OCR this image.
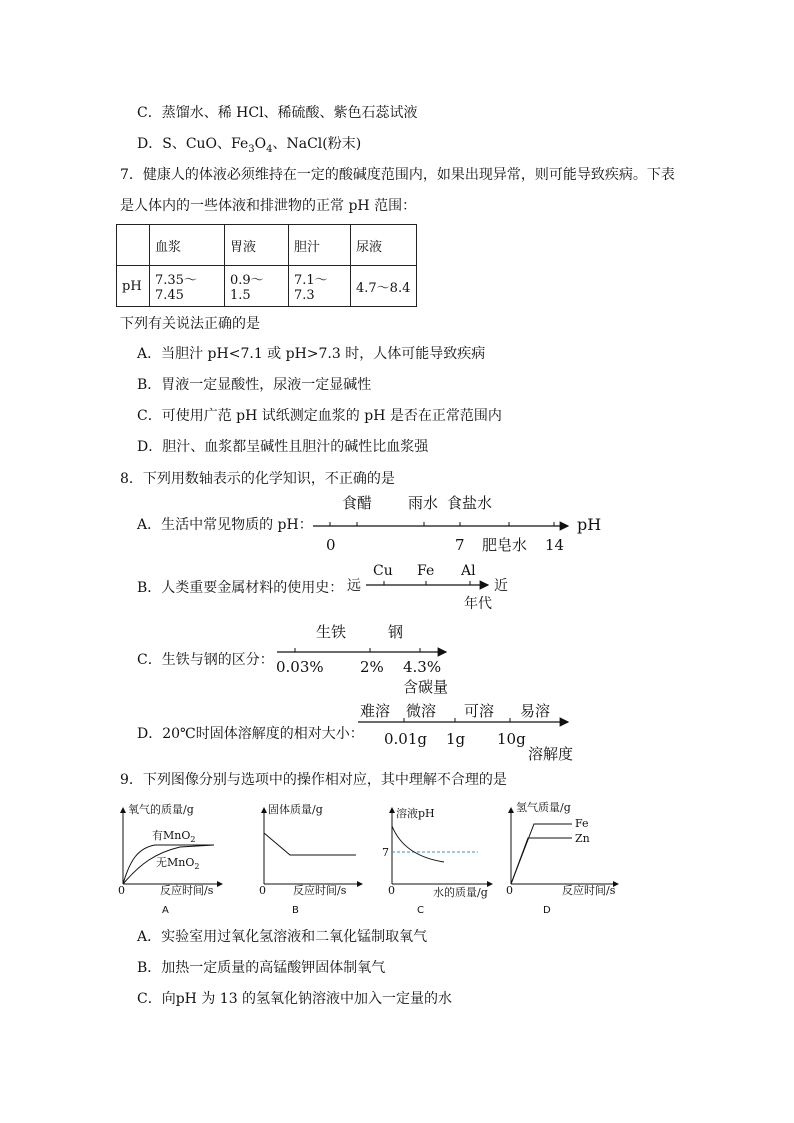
C．蒸馏水、稀 HCl、稀硫酸、紫色石蕊试液
D．S、CuO、$Fe_3O_4$、NaCl(粉末)
7．健康人的体液必须维持在一定的酸碱度范围内，如果出现异常，则可能导致疾病。下表
是人体内的一些体液和排泄物的正常 pH 范围：
	血浆	胃液	胆汁	尿液
pH	7.35～7.45	0.9～1.5	7.1～7.3	4.7～8.4
下列有关说法正确的是
A．当胆汁 pH<7.1 或 pH>7.3 时，人体可能导致疾病
B．胃液一定显酸性，尿液一定显碱性
C．可使用广范 pH 试纸测定血浆的 pH 是否在正常范围内
D．胆汁、血浆都呈碱性且胆汁的碱性比血浆强
8．下列用数轴表示的化学知识，不正确的是
A．生活中常见物质的 pH：
B．人类重要金属材料的使用史：
C．生铁与钢的区分：
D．20℃时固体溶解度的相对大小：
食醋 雨水 食盐水
0	7 肥皂水 14
pH
远
Cu Fe Al
近
年代
生铁	钢
0.03% 2% 4.3%
含碳量
难溶 微溶 可溶 易溶
0.01g 1g 10g
溶解度
9．下列图像分别与选项中的操作相对应，其中理解不合理的是
氧气的质量/g
有MnO$_2$
无MnO$_2$
0	反应时间/s
A
固体质量/g
0 反应时间/s
B
溶液pH
7
0	水的质量/g
C
氢气质量/g
Fe
Zn
0	反应时间/s
D
A．实验室用过氧化氢溶液和二氧化锰制取氧气
B．加热一定质量的高锰酸钾固体制氧气
C．向pH 为 13 的氢氧化钠溶液中加入一定量的水
